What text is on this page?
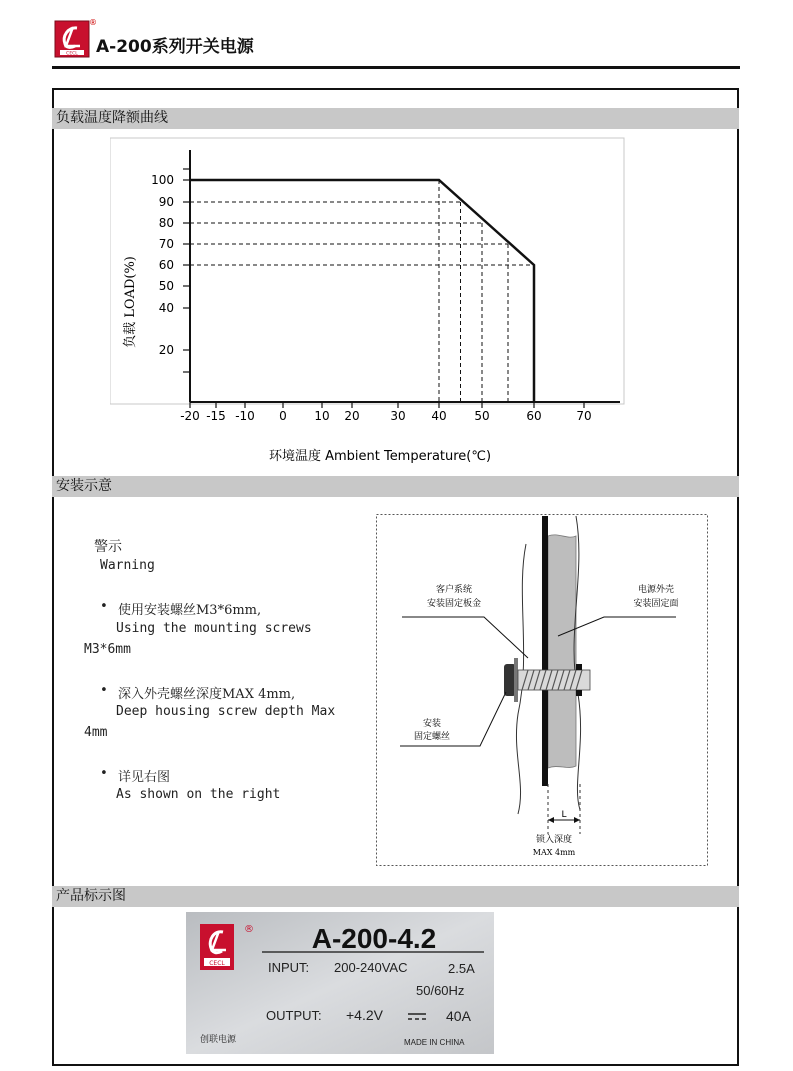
CECL
®
A-200系列开关电源
负载温度降额曲线
-20 -15 -10 0 10 20	30 40 50	60	70
20
40
50
60
70
80
90
100
环境温度 Ambient Temperature(℃)
负载 LOAD(%)
安装示意
警示
Warning
• 使用安装螺丝M3*6mm,
Using the mounting screws
M3*6mm
• 深入外壳螺丝深度MAX 4mm,
Deep housing screw depth Max
4mm
• 详见右图
As shown on the right
L
客户系统
安装固定板金
电源外壳
安装固定面
安装
固定螺丝
锁入深度
MAX 4mm
产品标示图
CECL
® A-200-4.2
INPUT: 200-240VAC	2.5A
50/60Hz
OUTPUT: +4.2V	40A
创联电源	MADE IN CHINA
